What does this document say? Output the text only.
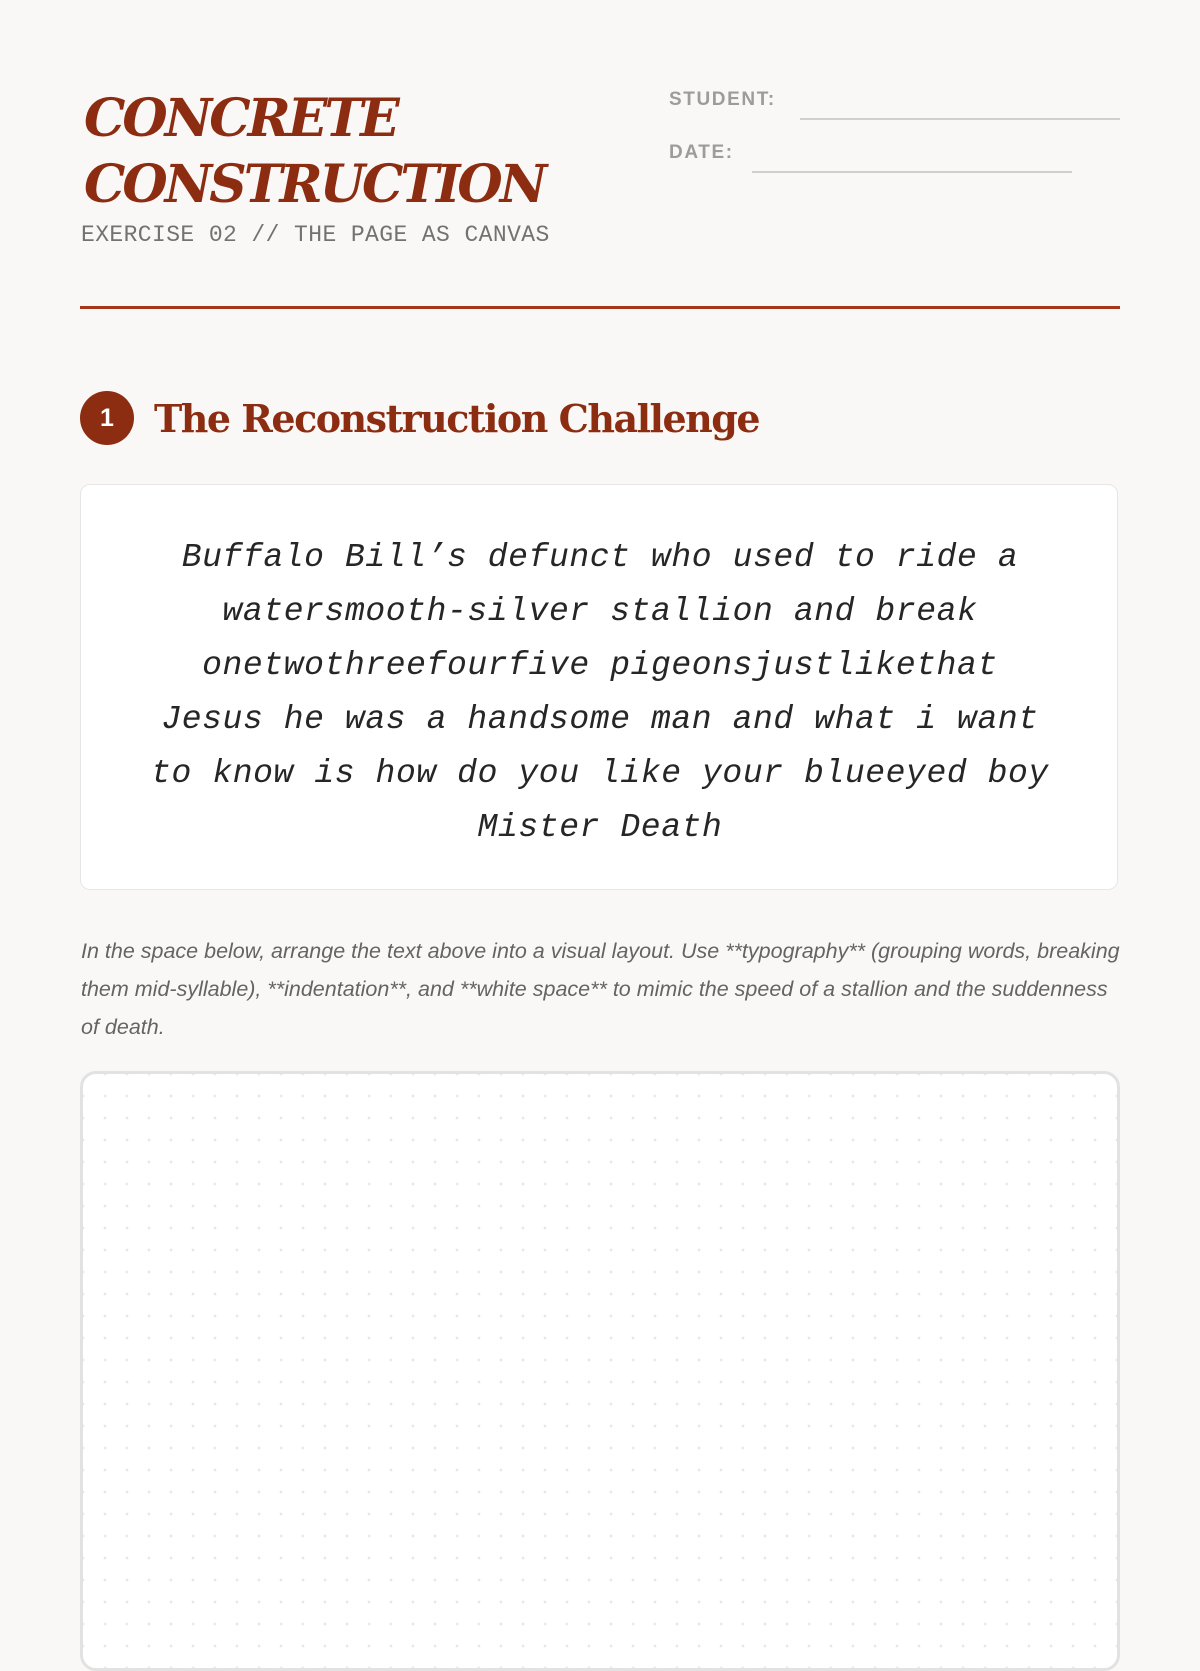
CONCRETE
CONSTRUCTION
EXERCISE 02 // THE PAGE AS CANVAS
STUDENT:
DATE:
1	The Reconstruction Challenge

Buffalo Bill’s defunct who used to ride a watersmooth-silver stallion and break onetwothreefourfive pigeonsjustlikethat Jesus he was a handsome man and what i want to know is how do you like your blueeyed boy Mister Death

In the space below, arrange the text above into a visual layout. Use **typography** (grouping words, breaking them mid-syllable), **indentation**, and **white space** to mimic the speed of a stallion and the suddenness of death.
